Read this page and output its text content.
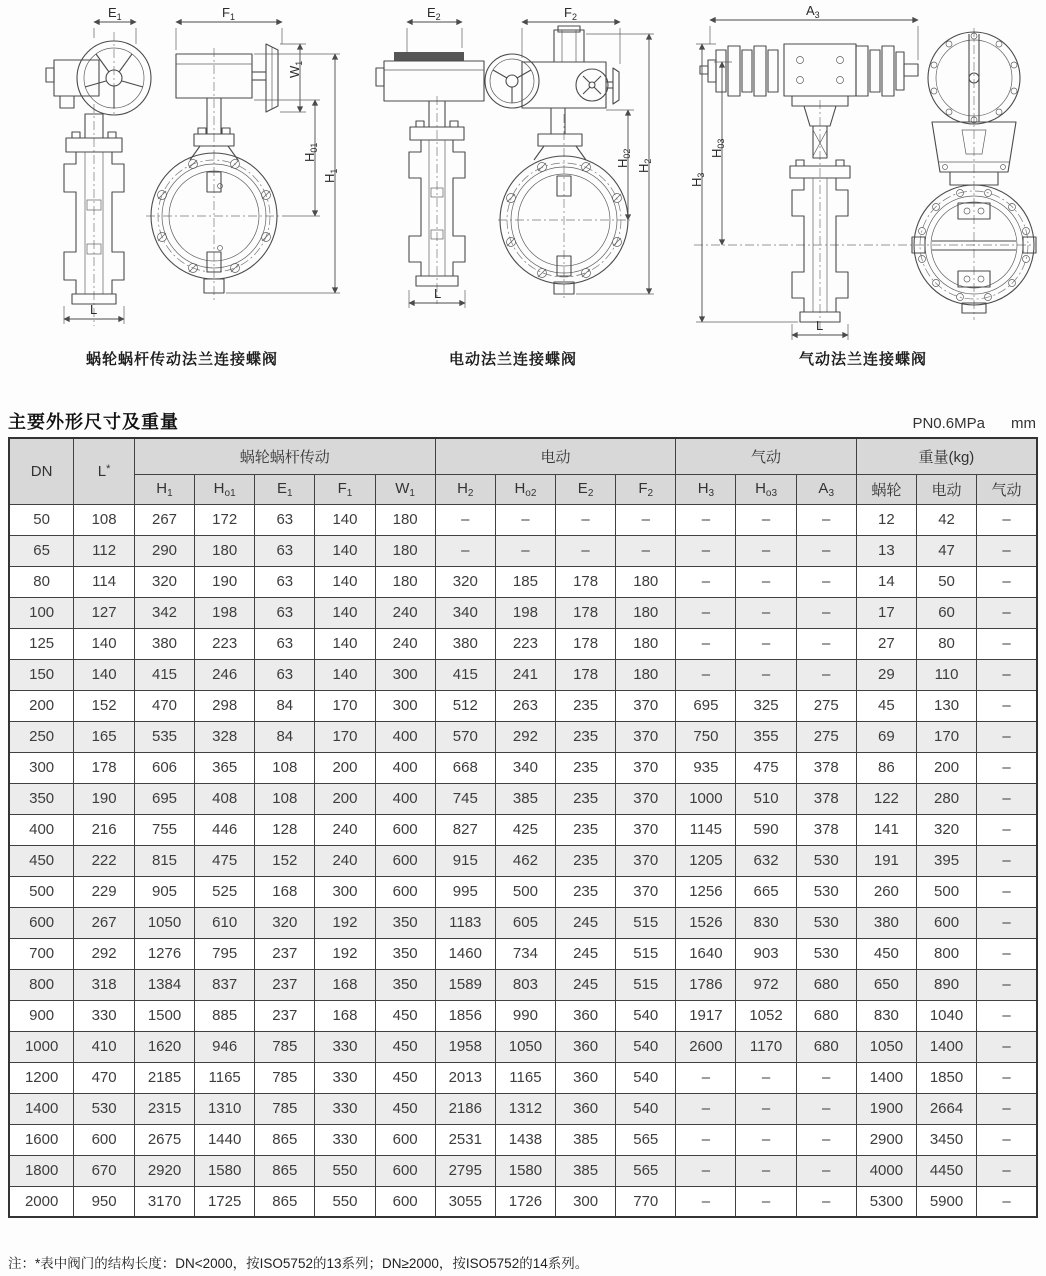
$E_1$	$F_1$
$W_1$
$H_{01}$
$H_1$
L
蜗轮蜗杆传动法兰连接蝶阀
$E_2$	$F_2$
$H_{02}$
$H_2$
L
电动法兰连接蝶阀
$A_3$
$H_3$
$H_{03}$
L
气动法兰连接蝶阀
主要外形尺寸及重量	PN0.6MPa mm
DN	L*	蜗轮蜗杆传动					电动				气动			重量(kg)		
		$H_1$	$H_{o1}$	$E_1$	$F_1$	$W_1$	$H_2$	$H_{o2}$	$E_2$	$F_2$	$H_3$	$H_{o3}$	$A_3$	蜗轮	电动	气动
50	108	267	172	63	140	180	–	–	–	–	–	–	–	12	42	–
65	112	290	180	63	140	180	–	–	–	–	–	–	–	13	47	–
80	114	320	190	63	140	180	320	185	178	180	–	–	–	14	50	–
100	127	342	198	63	140	240	340	198	178	180	–	–	–	17	60	–
125	140	380	223	63	140	240	380	223	178	180	–	–	–	27	80	–
150	140	415	246	63	140	300	415	241	178	180	–	–	–	29	110	–
200	152	470	298	84	170	300	512	263	235	370	695	325	275	45	130	–
250	165	535	328	84	170	400	570	292	235	370	750	355	275	69	170	–
300	178	606	365	108	200	400	668	340	235	370	935	475	378	86	200	–
350	190	695	408	108	200	400	745	385	235	370	1000	510	378	122	280	–
400	216	755	446	128	240	600	827	425	235	370	1145	590	378	141	320	–
450	222	815	475	152	240	600	915	462	235	370	1205	632	530	191	395	–
500	229	905	525	168	300	600	995	500	235	370	1256	665	530	260	500	–
600	267	1050	610	320	192	350	1183	605	245	515	1526	830	530	380	600	–
700	292	1276	795	237	192	350	1460	734	245	515	1640	903	530	450	800	–
800	318	1384	837	237	168	350	1589	803	245	515	1786	972	680	650	890	–
900	330	1500	885	237	168	450	1856	990	360	540	1917	1052	680	830	1040	–
1000	410	1620	946	785	330	450	1958	1050	360	540	2600	1170	680	1050	1400	–
1200	470	2185	1165	785	330	450	2013	1165	360	540	–	–	–	1400	1850	–
1400	530	2315	1310	785	330	450	2186	1312	360	540	–	–	–	1900	2664	–
1600	600	2675	1440	865	330	600	2531	1438	385	565	–	–	–	2900	3450	–
1800	670	2920	1580	865	550	600	2795	1580	385	565	–	–	–	4000	4450	–
2000	950	3170	1725	865	550	600	3055	1726	300	770	–	–	–	5300	5900	–
注：*表中阀门的结构长度：DN<2000，按ISO5752的13系列；DN≥2000，按ISO5752的14系列。
